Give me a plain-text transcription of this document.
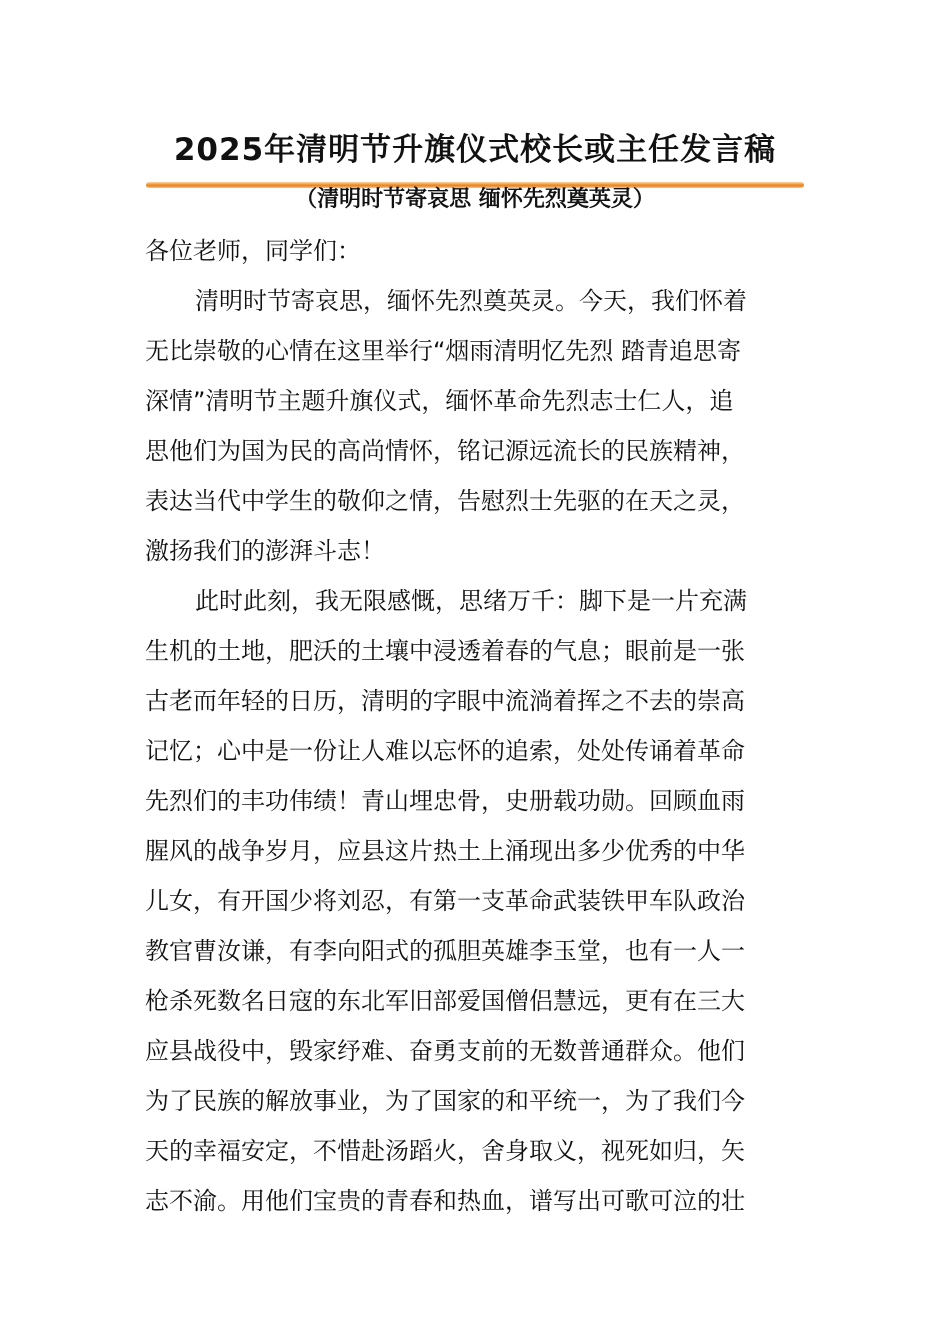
2025年清明节升旗仪式校长或主任发言稿
（清明时节寄哀思 缅怀先烈奠英灵）

各位老师，同学们：

清明时节寄哀思，缅怀先烈奠英灵。今天，我们怀着
无比崇敬的心情在这里举行“烟雨清明忆先烈 踏青追思寄
深情”清明节主题升旗仪式，缅怀革命先烈志士仁人，追
思他们为国为民的高尚情怀，铭记源远流长的民族精神，
表达当代中学生的敬仰之情，告慰烈士先驱的在天之灵，
激扬我们的澎湃斗志！
此时此刻，我无限感慨，思绪万千：脚下是一片充满
生机的土地，肥沃的土壤中浸透着春的气息；眼前是一张
古老而年轻的日历，清明的字眼中流淌着挥之不去的崇高
记忆；心中是一份让人难以忘怀的追索，处处传诵着革命
先烈们的丰功伟绩！青山埋忠骨，史册载功勋。回顾血雨
腥风的战争岁月，应县这片热土上涌现出多少优秀的中华
儿女，有开国少将刘忍，有第一支革命武装铁甲车队政治
教官曹汝谦，有李向阳式的孤胆英雄李玉堂，也有一人一
枪杀死数名日寇的东北军旧部爱国僧侣慧远，更有在三大
应县战役中，毁家纾难、奋勇支前的无数普通群众。他们
为了民族的解放事业，为了国家的和平统一，为了我们今
天的幸福安定，不惜赴汤蹈火，舍身取义，视死如归，矢
志不渝。用他们宝贵的青春和热血，谱写出可歌可泣的壮
